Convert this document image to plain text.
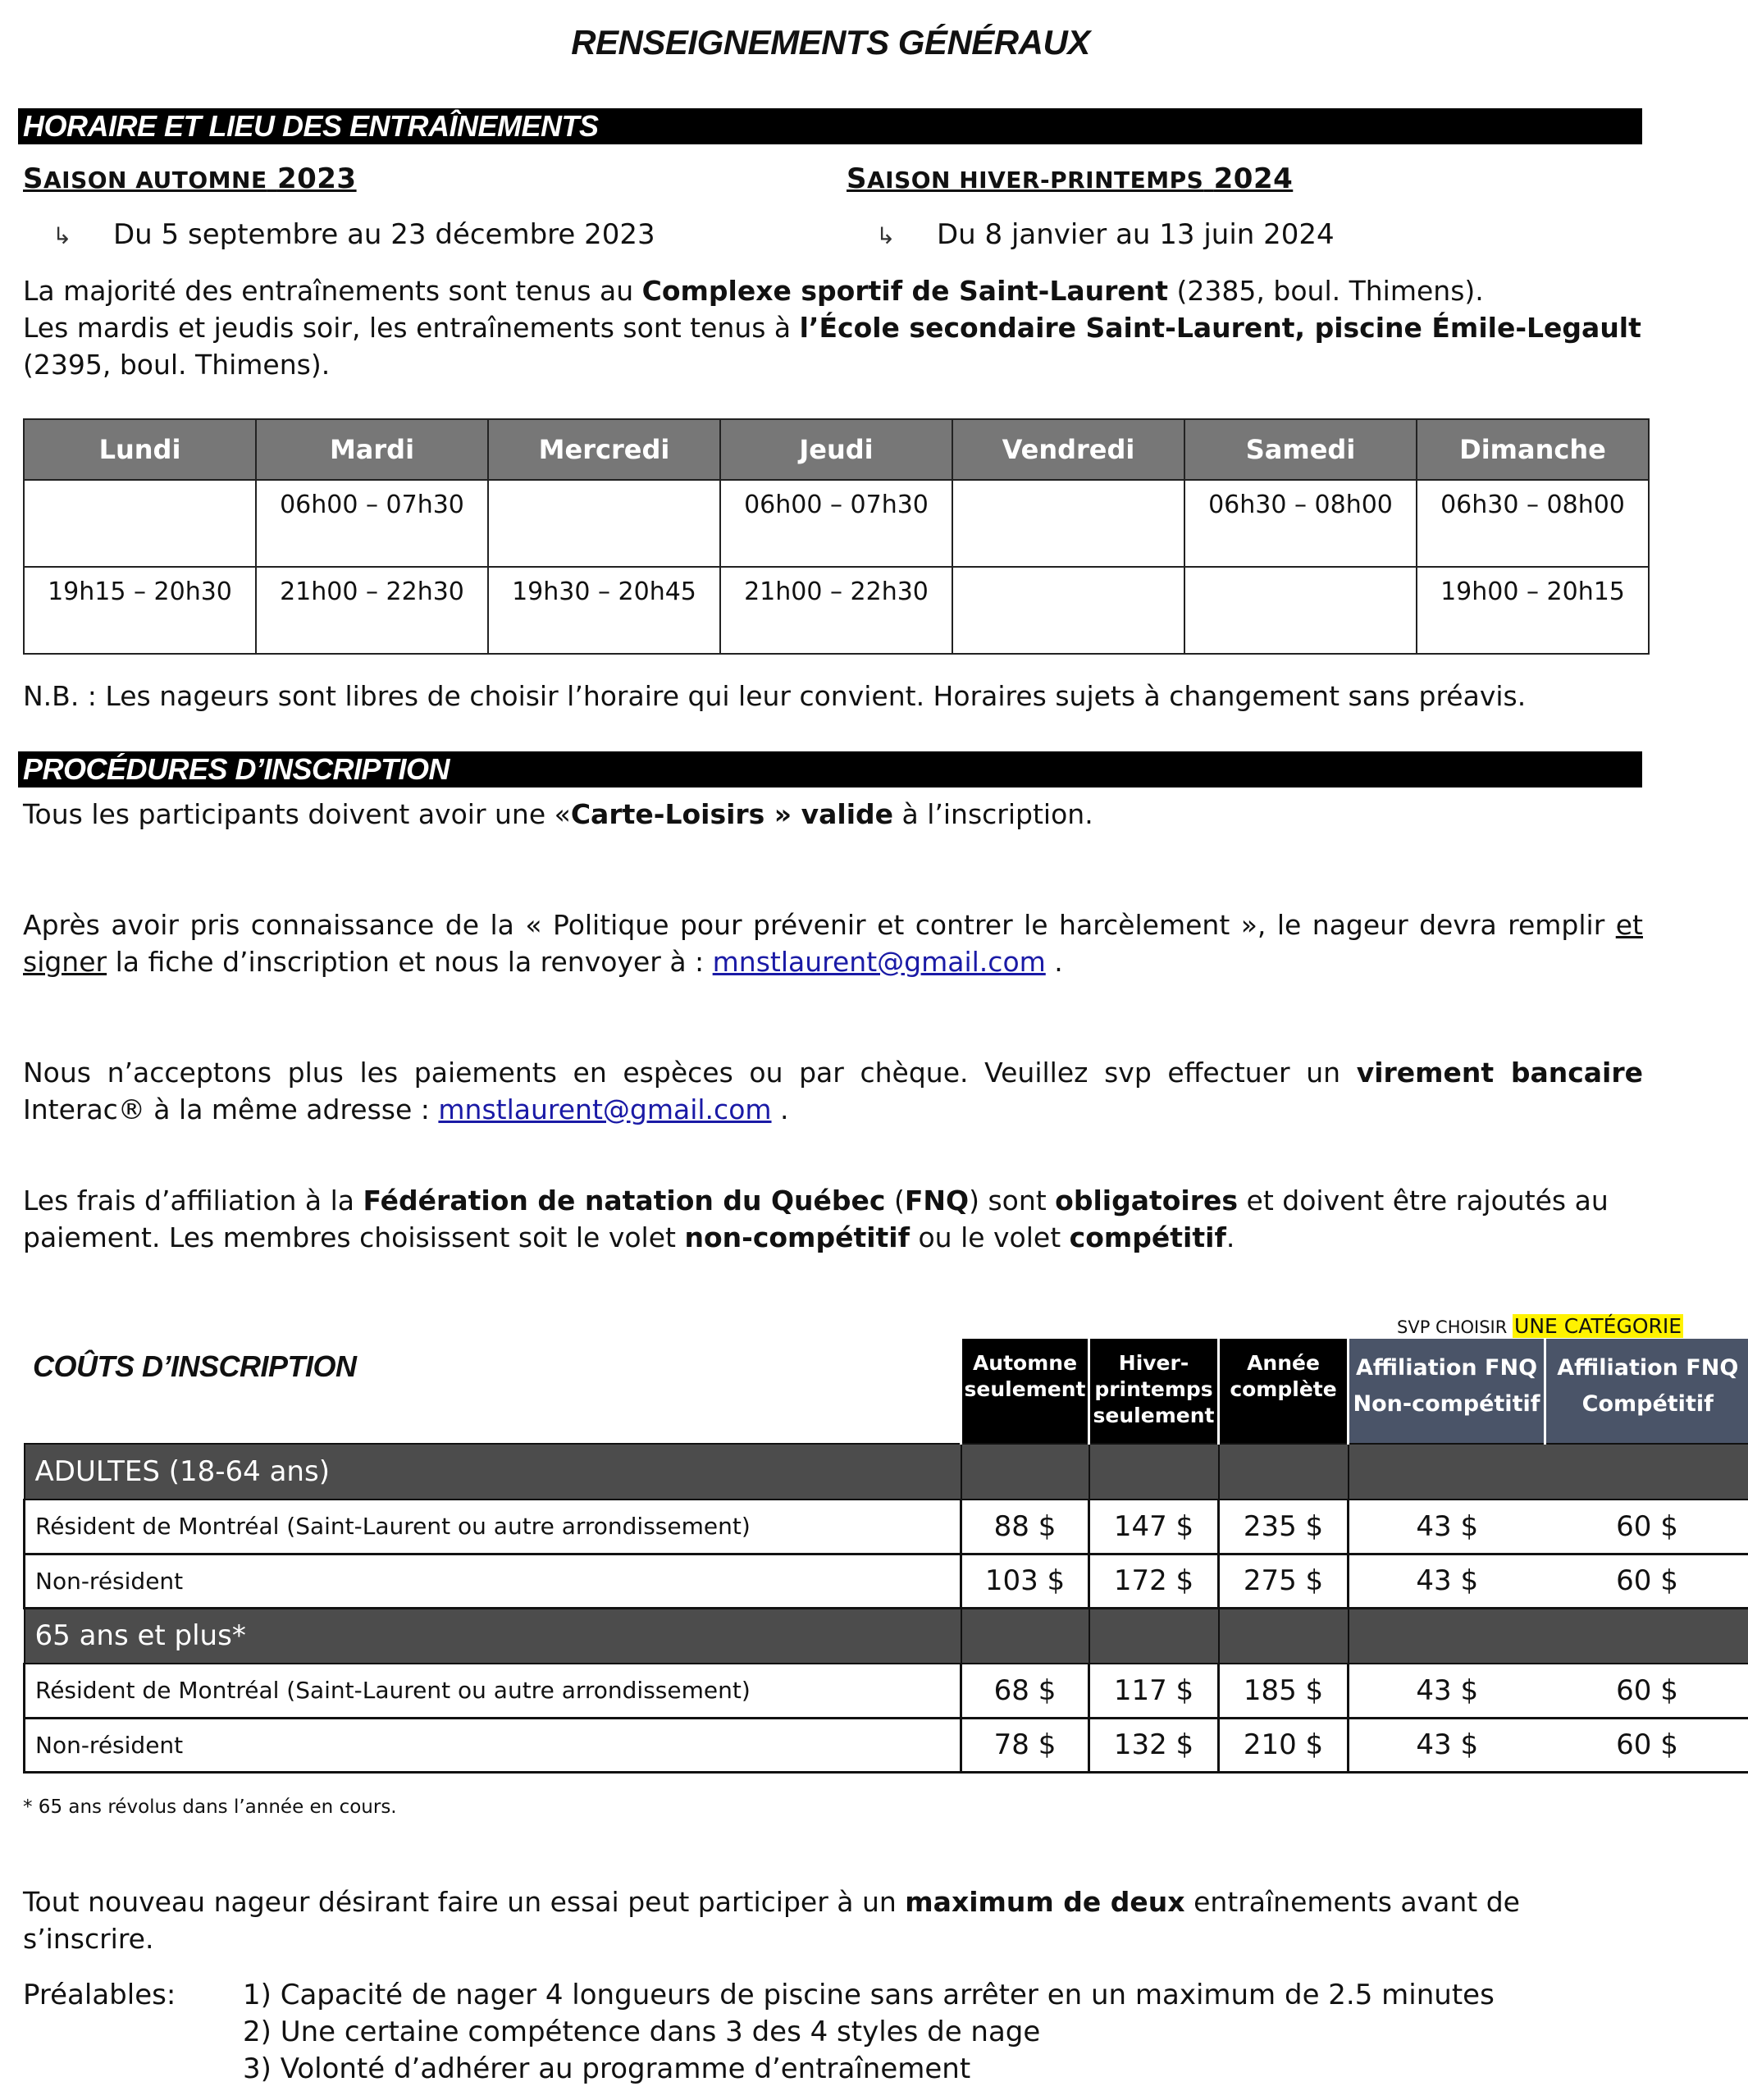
RENSEIGNEMENTS GÉNÉRAUX
HORAIRE ET LIEU DES ENTRAÎNEMENTS
SAISON AUTOMNE 2023	SAISON HIVER-PRINTEMPS 2024
↳ Du 5 septembre au 23 décembre 2023	↳ Du 8 janvier au 13 juin 2024
La majorité des entraînements sont tenus au Complexe sportif de Saint-Laurent (2385, boul. Thimens).
Les mardis et jeudis soir, les entraînements sont tenus à l’École secondaire Saint-Laurent, piscine Émile-Legault (2395, boul. Thimens).
Lundi	Mardi	Mercredi	Jeudi	Vendredi	Samedi	Dimanche
	06h00 – 07h30		06h00 – 07h30		06h30 – 08h00	06h30 – 08h00
19h15 – 20h30	21h00 – 22h30	19h30 – 20h45	21h00 – 22h30			19h00 – 20h15
N.B. : Les nageurs sont libres de choisir l’horaire qui leur convient. Horaires sujets à changement sans préavis.
PROCÉDURES D’INSCRIPTION
Tous les participants doivent avoir une «Carte-Loisirs » valide à l’inscription.
Après avoir pris connaissance de la « Politique pour prévenir et contrer le harcèlement », le nageur devra remplir et signer la fiche d’inscription et nous la renvoyer à : mnstlaurent@gmail.com .
Nous n’acceptons plus les paiements en espèces ou par chèque. Veuillez svp effectuer un virement bancaire Interac® à la même adresse : mnstlaurent@gmail.com .
Les frais d’affiliation à la Fédération de natation du Québec (FNQ) sont obligatoires et doivent être rajoutés au paiement. Les membres choisissent soit le volet non-compétitif ou le volet compétitif.
SVP CHOISIR UNE CATÉGORIE
	Automne seulement	Hiver-printemps seulement	Année complète	Affiliation FNQ Non-compétitif	Affiliation FNQ Compétitif
ADULTES (18-64 ans)					
Résident de Montréal (Saint-Laurent ou autre arrondissement)	88 $	147 $	235 $	43 $	60 $
Non-résident	103 $	172 $	275 $	43 $	60 $
65 ans et plus*					
Résident de Montréal (Saint-Laurent ou autre arrondissement)	68 $	117 $	185 $	43 $	60 $
Non-résident	78 $	132 $	210 $	43 $	60 $
COÛTS D’INSCRIPTION
* 65 ans révolus dans l’année en cours.
Tout nouveau nageur désirant faire un essai peut participer à un maximum de deux entraînements avant de s’inscrire.
Préalables: 1) Capacité de nager 4 longueurs de piscine sans arrêter en un maximum de 2.5 minutes
2) Une certaine compétence dans 3 des 4 styles de nage
3) Volonté d’adhérer au programme d’entraînement
